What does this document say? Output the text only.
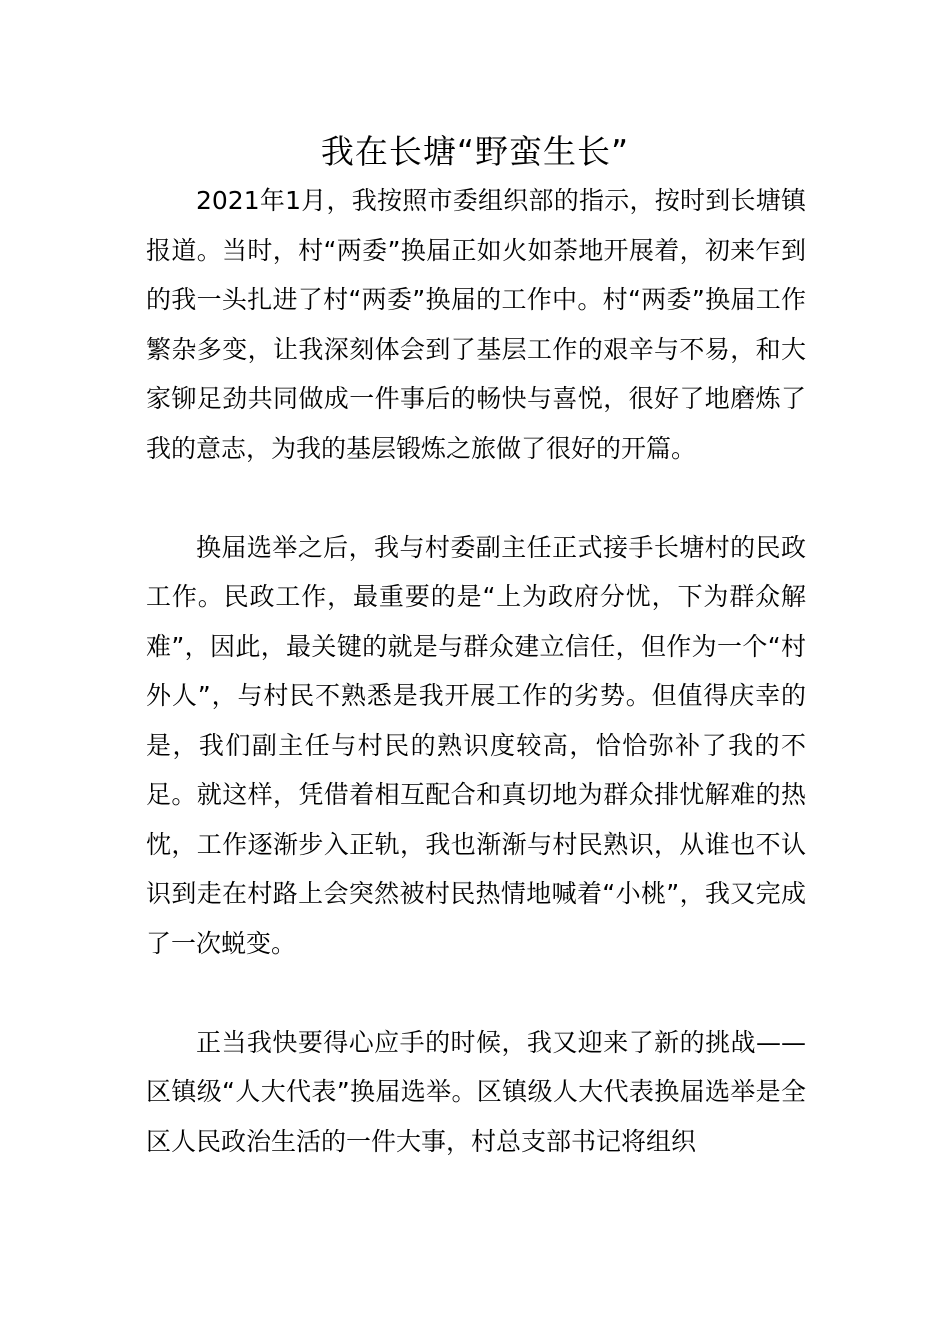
我在长塘“野蛮生长”

2021年1月，我按照市委组织部的指示，按时到长塘镇报道。当时，村“两委”换届正如火如荼地开展着，初来乍到的我一头扎进了村“两委”换届的工作中。村“两委”换届工作繁杂多变，让我深刻体会到了基层工作的艰辛与不易，和大家铆足劲共同做成一件事后的畅快与喜悦，很好了地磨炼了我的意志，为我的基层锻炼之旅做了很好的开篇。

换届选举之后，我与村委副主任正式接手长塘村的民政工作。民政工作，最重要的是“上为政府分忧，下为群众解难”，因此，最关键的就是与群众建立信任，但作为一个“村外人”，与村民不熟悉是我开展工作的劣势。但值得庆幸的是，我们副主任与村民的熟识度较高，恰恰弥补了我的不足。就这样，凭借着相互配合和真切地为群众排忧解难的热忱，工作逐渐步入正轨，我也渐渐与村民熟识，从谁也不认识到走在村路上会突然被村民热情地喊着“小桃”，我又完成了一次蜕变。

正当我快要得心应手的时候，我又迎来了新的挑战——区镇级“人大代表”换届选举。区镇级人大代表换届选举是全区人民政治生活的一件大事，村总支部书记将组织
